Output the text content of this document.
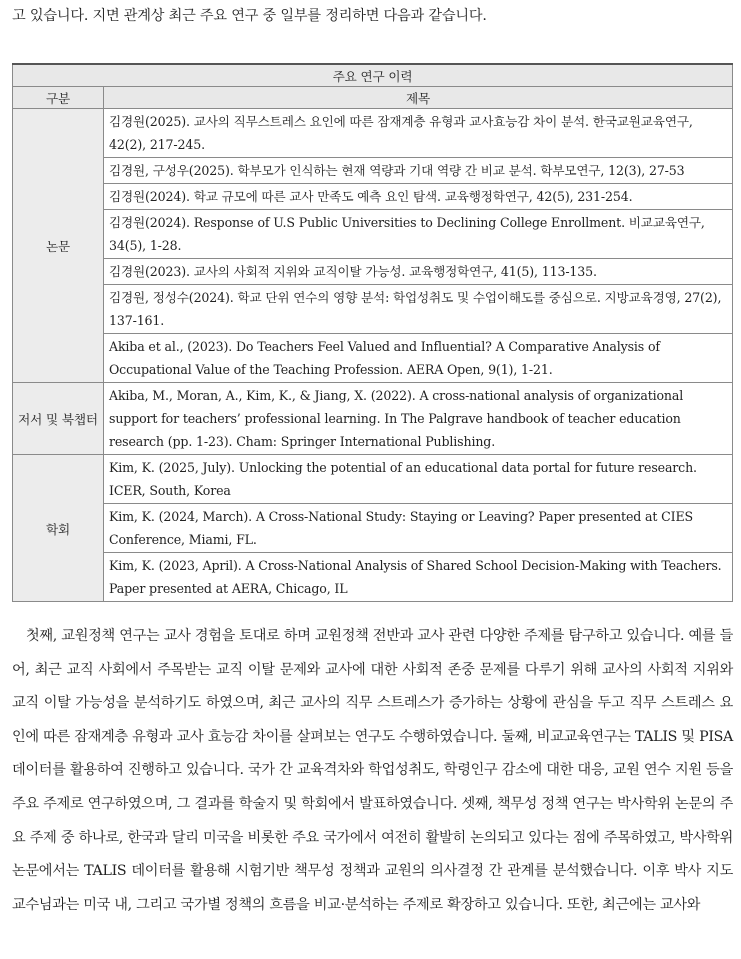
고 있습니다. 지면 관계상 최근 주요 연구 중 일부를 정리하면 다음과 같습니다.
주요 연구 이력	
구분	제목
논문	김경원(2025). 교사의 직무스트레스 요인에 따른 잠재계층 유형과 교사효능감 차이 분석. 한국교원교육연구, 42(2), 217-245.
	김경원, 구성우(2025). 학부모가 인식하는 현재 역량과 기대 역량 간 비교 분석. 학부모연구, 12(3), 27-53
	김경원(2024). 학교 규모에 따른 교사 만족도 예측 요인 탐색. 교육행정학연구, 42(5), 231-254.
	김경원(2024). Response of U.S Public Universities to Declining College Enrollment. 비교교육연구, 34(5), 1-28.
	김경원(2023). 교사의 사회적 지위와 교직이탈 가능성. 교육행정학연구, 41(5), 113-135.
	김경원, 정성수(2024). 학교 단위 연수의 영향 분석: 학업성취도 및 수업이해도를 중심으로. 지방교육경영, 27(2), 137-161.
	Akiba et al., (2023). Do Teachers Feel Valued and Influential? A Comparative Analysis of Occupational Value of the Teaching Profession. AERA Open, 9(1), 1-21.
저서 및 북챕터	Akiba, M., Moran, A., Kim, K., & Jiang, X. (2022). A cross-national analysis of organizational support for teachers’ professional learning. In The Palgrave handbook of teacher education research (pp. 1-23). Cham: Springer International Publishing.
학회	Kim, K. (2025, July). Unlocking the potential of an educational data portal for future research. ICER, South, Korea
	Kim, K. (2024, March). A Cross-National Study: Staying or Leaving? Paper presented at CIES Conference, Miami, FL.
	Kim, K. (2023, April). A Cross-National Analysis of Shared School Decision-Making with Teachers. Paper presented at AERA, Chicago, IL

첫째, 교원정책 연구는 교사 경험을 토대로 하며 교원정책 전반과 교사 관련 다양한 주제를 탐구하고 있습니다. 예를 들어, 최근 교직 사회에서 주목받는 교직 이탈 문제와 교사에 대한 사회적 존중 문제를 다루기 위해 교사의 사회적 지위와 교직 이탈 가능성을 분석하기도 하였으며, 최근 교사의 직무 스트레스가 증가하는 상황에 관심을 두고 직무 스트레스 요인에 따른 잠재계층 유형과 교사 효능감 차이를 살펴보는 연구도 수행하였습니다. 둘째, 비교교육연구는 TALIS 및 PISA 데이터를 활용하여 진행하고 있습니다. 국가 간 교육격차와 학업성취도, 학령인구 감소에 대한 대응, 교원 연수 지원 등을 주요 주제로 연구하였으며, 그 결과를 학술지 및 학회에서 발표하였습니다. 셋째, 책무성 정책 연구는 박사학위 논문의 주요 주제 중 하나로, 한국과 달리 미국을 비롯한 주요 국가에서 여전히 활발히 논의되고 있다는 점에 주목하였고, 박사학위 논문에서는 TALIS 데이터를 활용해 시험기반 책무성 정책과 교원의 의사결정 간 관계를 분석했습니다. 이후 박사 지도교수님과는 미국 내, 그리고 국가별 정책의 흐름을 비교·분석하는 주제로 확장하고 있습니다. 또한, 최근에는 교사와
